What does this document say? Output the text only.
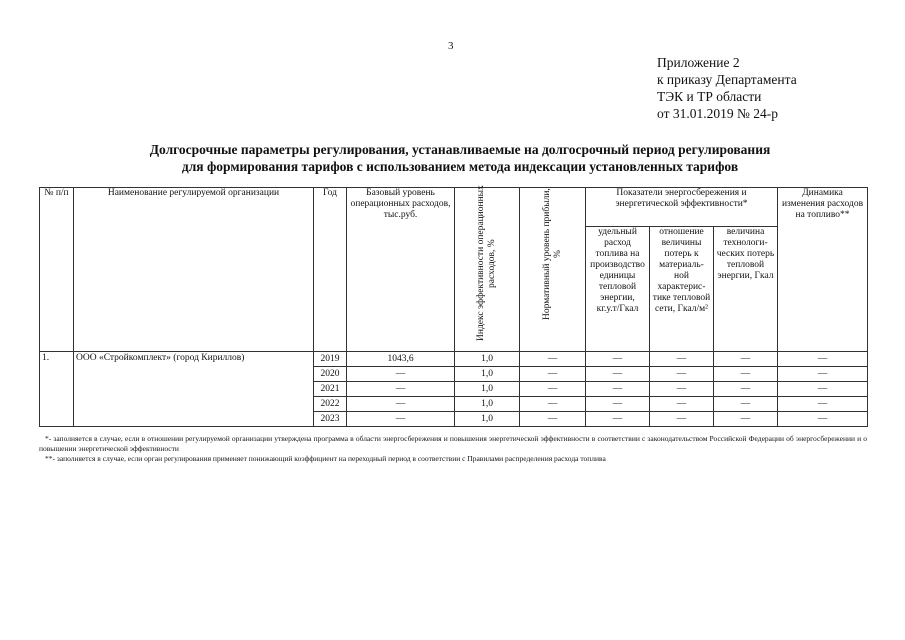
3
Приложение 2
к приказу Департамента
ТЭК и ТР области
от 31.01.2019 № 24-р
Долгосрочные параметры регулирования, устанавливаемые на долгосрочный период регулирования
для формирования тарифов с использованием метода индексации установленных тарифов
№ п/п	Наименование регулируемой организации	Год	Базовый уровень операционных расходов, тыс.руб.	Индекс эффективности операционных расходов, %	Нормативный уровень прибыли, %	Показатели энергосбережения и энергетической эффективности*			Динамика изменения расходов на топливо**
						удельный расход топлива на производство единицы тепловой энергии, кг.у.т/Гкал	отношение величины потерь к материаль-ной характерис-тике тепловой сети, Гкал/м²	величина технологи-ческих потерь тепловой энергии, Гкал	
1.	ООО «Стройкомплект» (город Кириллов)	2019	1043,6	1,0	—	—	—	—	—
		2020	—	1,0	—	—	—	—	—
		2021	—	1,0	—	—	—	—	—
		2022	—	1,0	—	—	—	—	—
		2023	—	1,0	—	—	—	—	—
*- заполняется в случае, если в отношении регулируемой организации утверждена программа в области энергосбережения и повышения энергетической эффективности в соответствии с законодательством Российской Федерации об энергосбережении и о повышении энергетической эффективности
**- заполняется в случае, если орган регулирования применяет понижающий коэффициент на переходный период в соответствии с Правилами распределения расхода топлива
